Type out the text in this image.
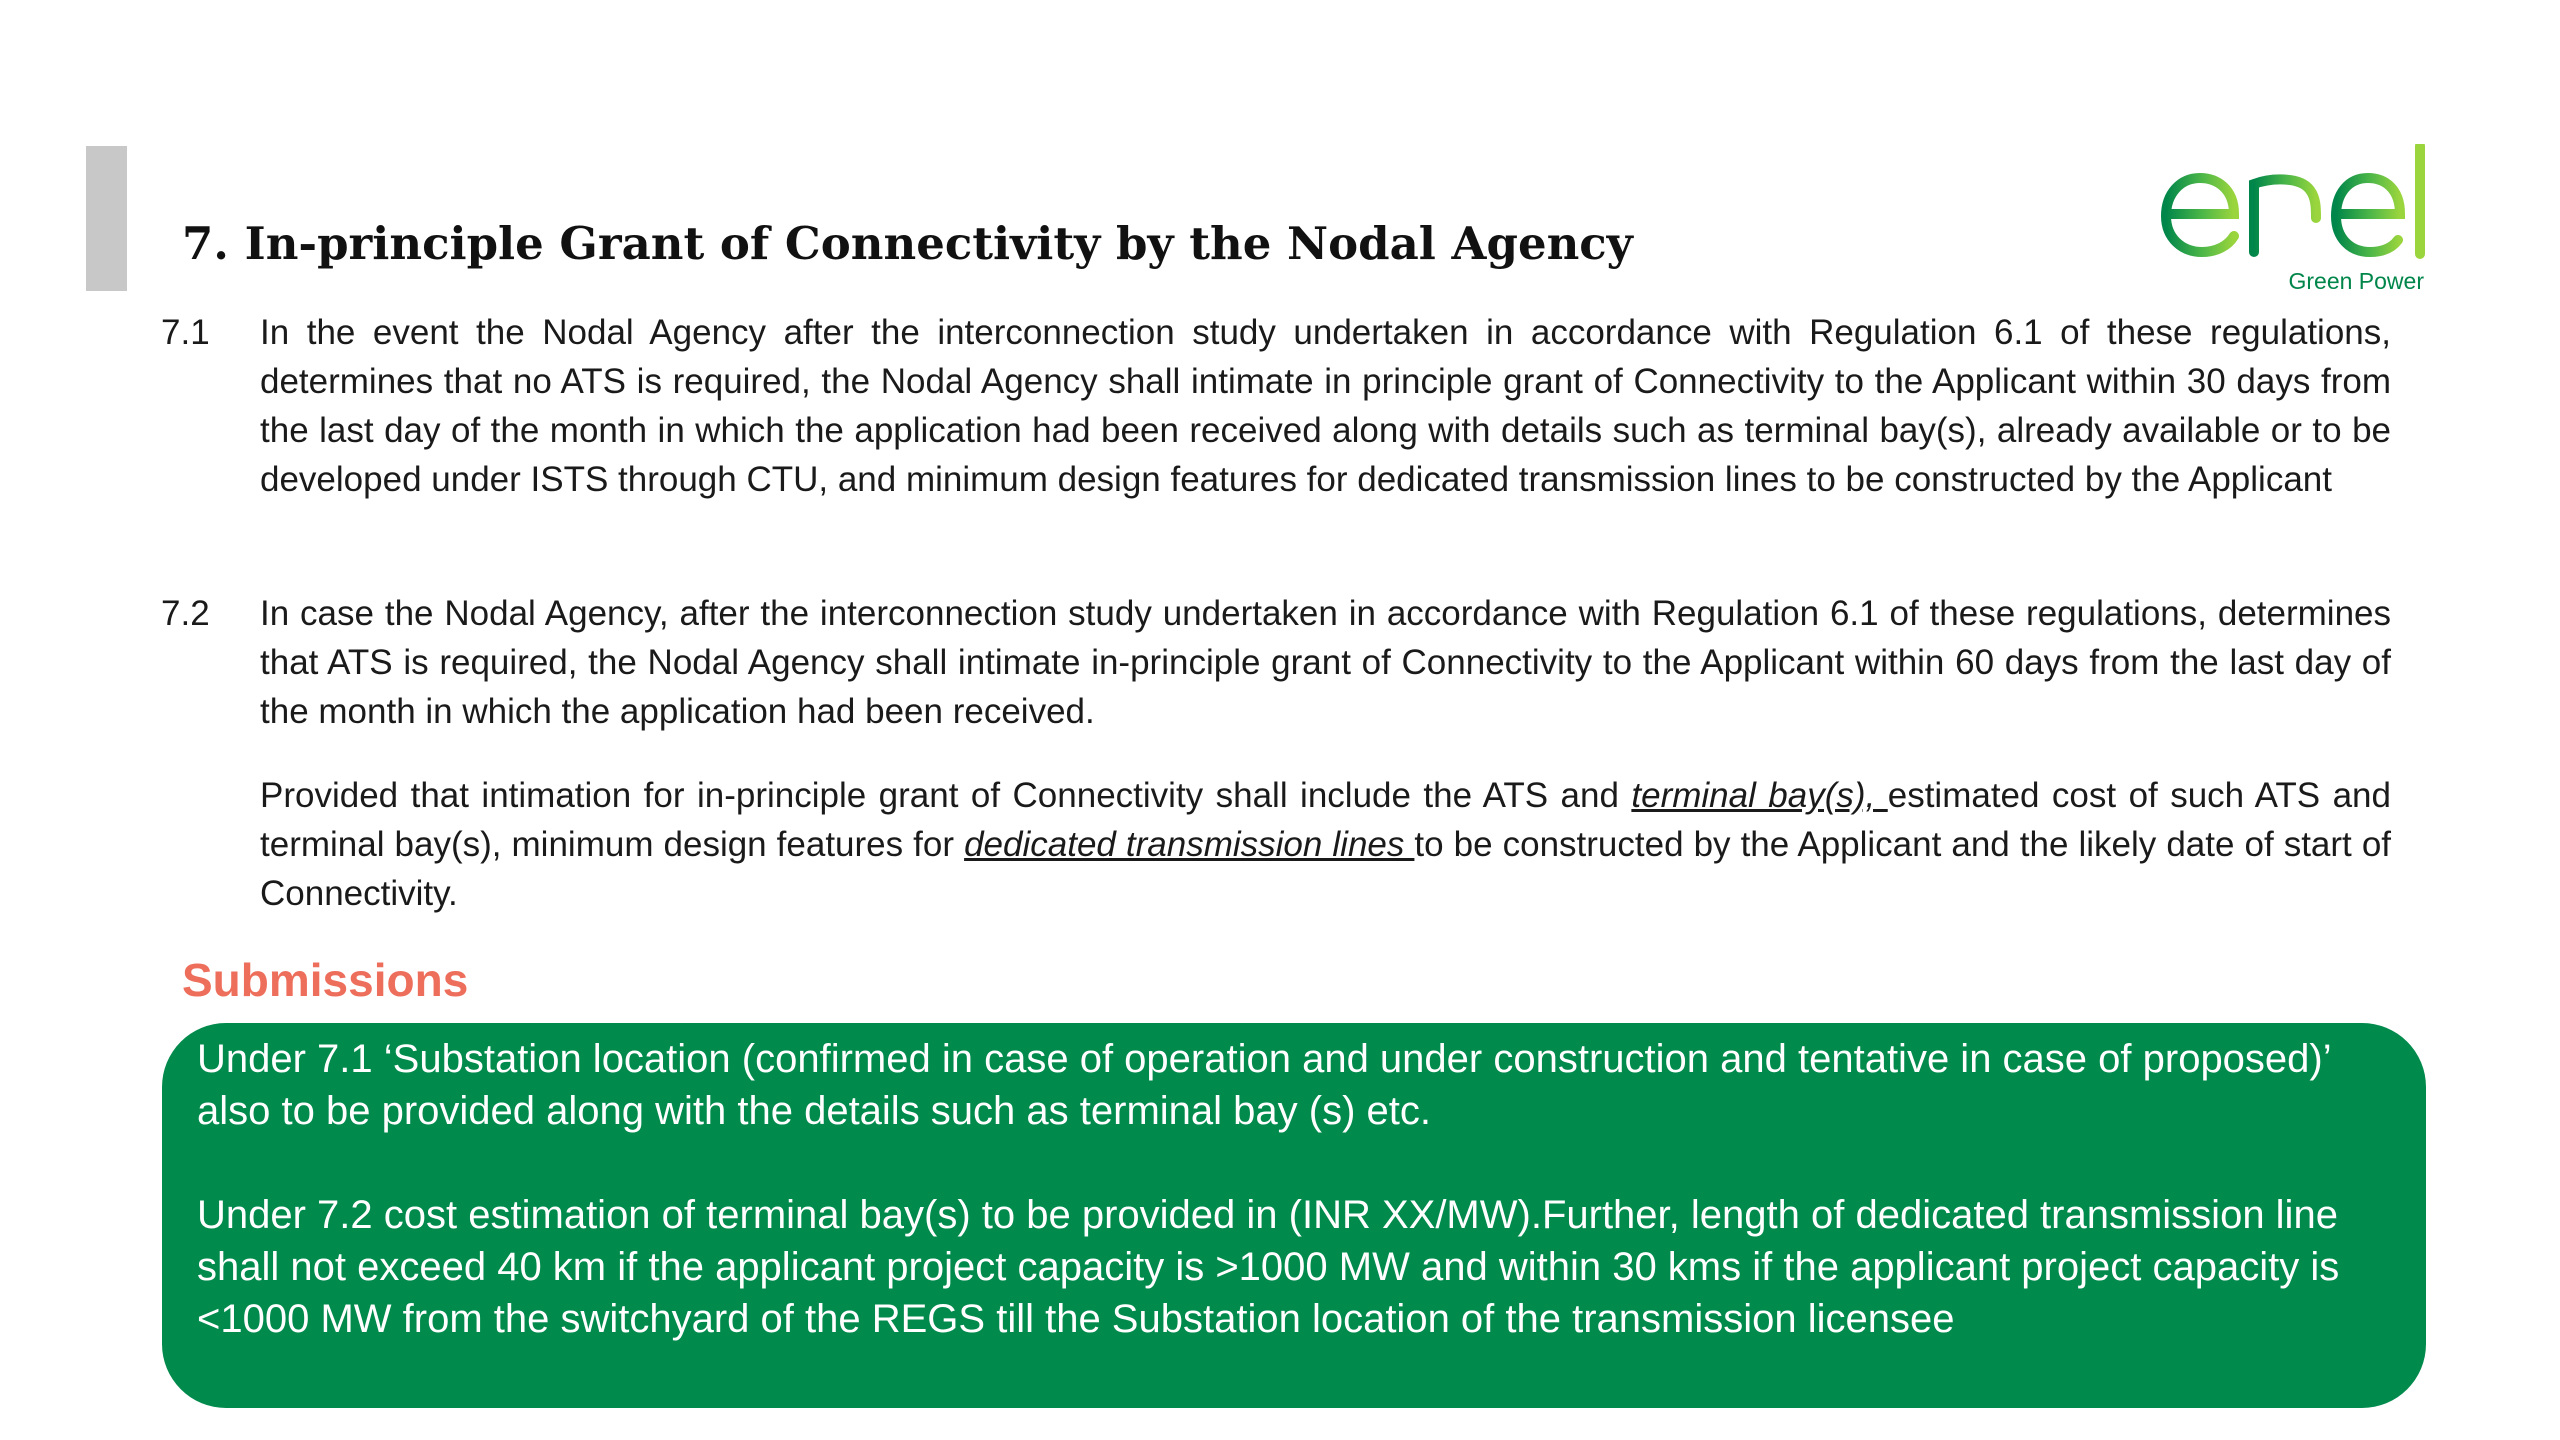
7. In-principle Grant of Connectivity by the Nodal Agency
Green Power
7.1	In the event the Nodal Agency after the interconnection study undertaken in accordance with Regulation 6.1 of these regulations, determines that no ATS is required, the Nodal Agency shall intimate in principle grant of Connectivity to the Applicant within 30 days from the last day of the month in which the application had been received along with details such as terminal bay(s), already available or to be developed under ISTS through CTU, and minimum design features for dedicated transmission lines to be constructed by the Applicant
7.2	In case the Nodal Agency, after the interconnection study undertaken in accordance with Regulation 6.1 of these regulations, determines that ATS is required, the Nodal Agency shall intimate in-principle grant of Connectivity to the Applicant within 60 days from the last day of the month in which the application had been received.
Provided that intimation for in-principle grant of Connectivity shall include the ATS and terminal bay(s), estimated cost of such ATS and terminal bay(s), minimum design features for dedicated transmission lines to be constructed by the Applicant and the likely date of start of Connectivity.
Submissions

Under 7.1 ‘Substation location (confirmed in case of operation and under construction and tentative in case of proposed)’ also to be provided along with the details such as terminal bay (s) etc.

Under 7.2 cost estimation of terminal bay(s) to be provided in (INR XX/MW).Further, length of dedicated transmission line shall not exceed 40 km if the applicant project capacity is >1000 MW and within 30 kms if the applicant project capacity is <1000 MW from the switchyard of the REGS till the Substation location of the transmission licensee
